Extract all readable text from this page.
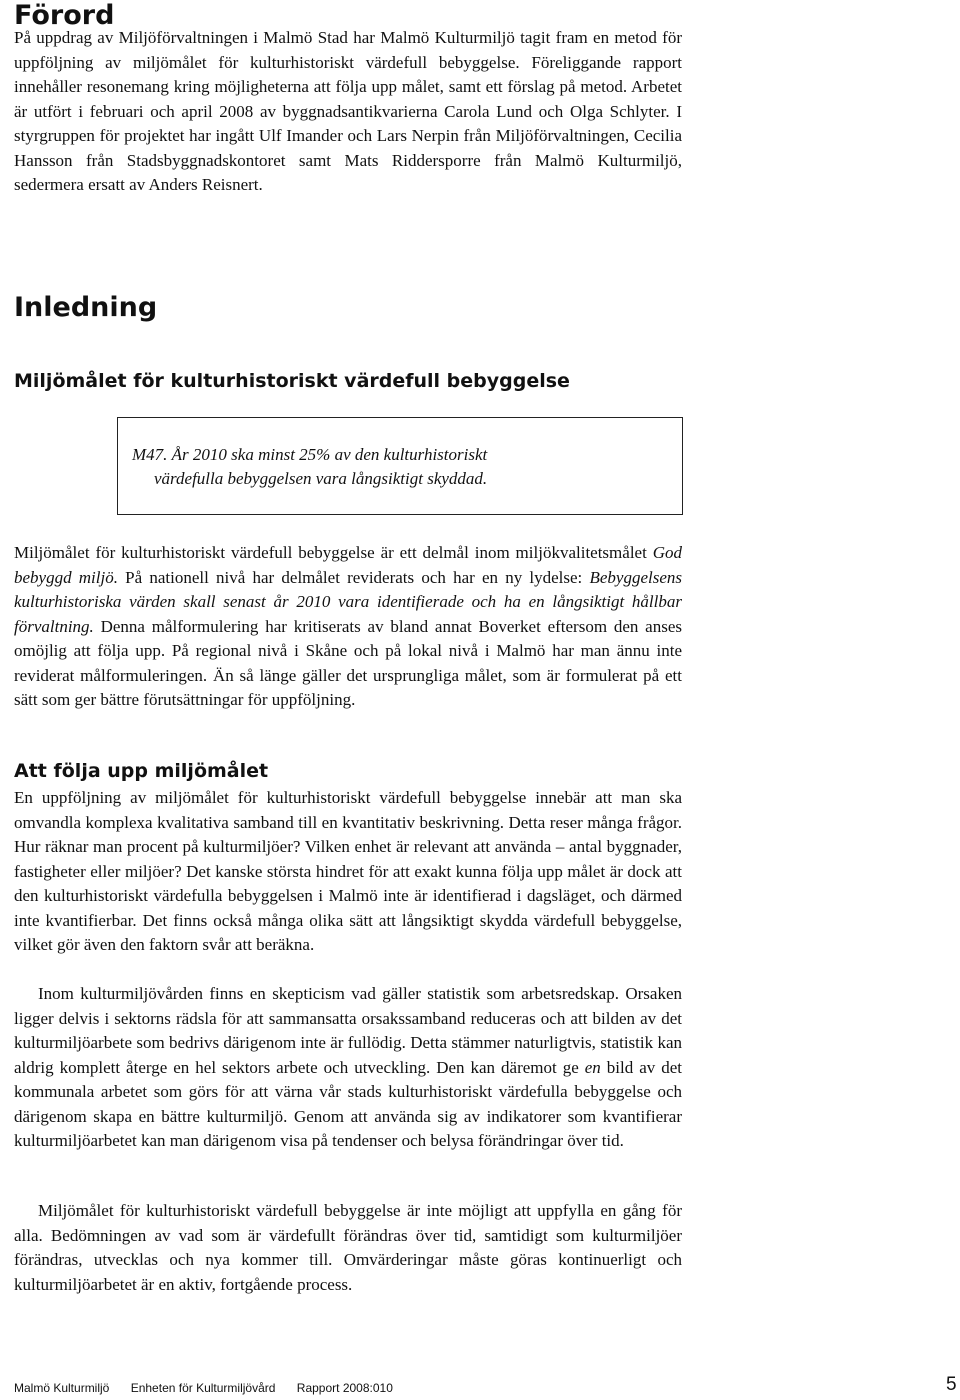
Förord

På uppdrag av Miljöförvaltningen i Malmö Stad har Malmö Kulturmiljö tagit fram en metod för uppföljning av miljömålet för kulturhistoriskt värdefull bebyggelse. Föreliggande rapport innehåller resonemang kring möjligheterna att följa upp målet, samt ett förslag på metod. Arbetet är utfört i februari och april 2008 av byggnadsantikvarierna Carola Lund och Olga Schlyter. I styrgruppen för projektet har ingått Ulf Imander och Lars Nerpin från Miljöförvaltningen, Cecilia Hansson från Stadsbyggnadskontoret samt Mats Riddersporre från Malmö Kulturmiljö, sedermera ersatt av Anders Reisnert.

Inledning
Miljömålet för kulturhistoriskt värdefull bebyggelse
M47. År 2010 ska minst 25% av den kulturhistoriskt
värdefulla bebyggelsen vara långsiktigt skyddad.

Miljömålet för kulturhistoriskt värdefull bebyggelse är ett delmål inom miljökvalitetsmålet God bebyggd miljö. På nationell nivå har delmålet reviderats och har en ny lydelse: Bebyggelsens kulturhistoriska värden skall senast år 2010 vara identifierade och ha en långsiktigt hållbar förvaltning. Denna målformulering har kritiserats av bland annat Boverket eftersom den anses omöjlig att följa upp. På regional nivå i Skåne och på lokal nivå i Malmö har man ännu inte reviderat målformuleringen. Än så länge gäller det ursprungliga målet, som är formulerat på ett sätt som ger bättre förutsättningar för uppföljning.

Att följa upp miljömålet

En uppföljning av miljömålet för kulturhistoriskt värdefull bebyggelse innebär att man ska omvandla komplexa kvalitativa samband till en kvantitativ beskrivning. Detta reser många frågor. Hur räknar man procent på kulturmiljöer? Vilken enhet är relevant att använda – antal byggnader, fastigheter eller miljöer? Det kanske största hindret för att exakt kunna följa upp målet är dock att den kulturhistoriskt värdefulla bebyggelsen i Malmö inte är identifierad i dagsläget, och därmed inte kvantifierbar. Det finns också många olika sätt att långsiktigt skydda värdefull bebyggelse, vilket gör även den faktorn svår att beräkna.

Inom kulturmiljövården finns en skepticism vad gäller statistik som arbetsredskap. Orsaken ligger delvis i sektorns rädsla för att sammansatta orsakssamband reduceras och att bilden av det kulturmiljöarbete som bedrivs därigenom inte är fullödig. Detta stämmer naturligtvis, statistik kan aldrig komplett återge en hel sektors arbete och utveckling. Den kan däremot ge en bild av det kommunala arbetet som görs för att värna vår stads kulturhistoriskt värdefulla bebyggelse och därigenom skapa en bättre kulturmiljö. Genom att använda sig av indikatorer som kvantifierar kulturmiljöarbetet kan man därigenom visa på tendenser och belysa förändringar över tid.

Miljömålet för kulturhistoriskt värdefull bebyggelse är inte möjligt att uppfylla en gång för alla. Bedömningen av vad som är värdefullt förändras över tid, samtidigt som kulturmiljöer förändras, utvecklas och nya kommer till. Omvärderingar måste göras kontinuerligt och kulturmiljöarbetet är en aktiv, fortgående process.

Malmö Kulturmiljö Enheten för Kulturmiljövård Rapport 2008:010	5
